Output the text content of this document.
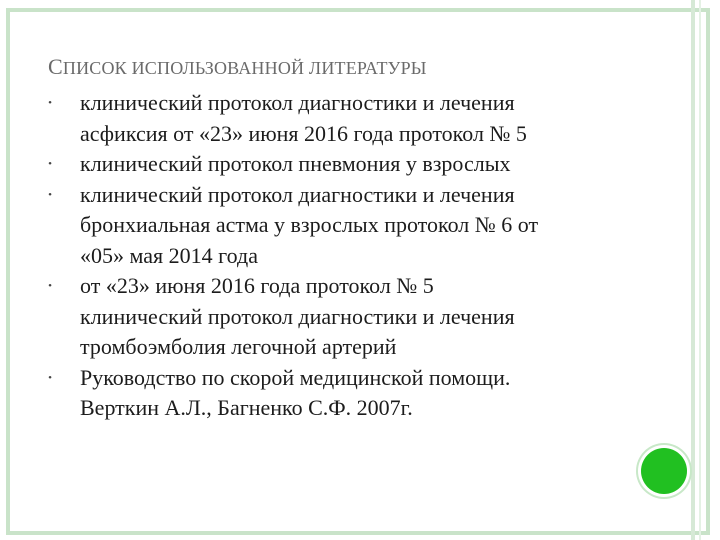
СПИСОК ИСПОЛЬЗОВАННОЙ ЛИТЕРАТУРЫ
• клинический протокол диагностики и лечения
асфиксия от «23» июня 2016 года протокол № 5
• клинический протокол пневмония у взрослых
• клинический протокол диагностики и лечения
бронхиальная астма у взрослых протокол № 6 от
«05» мая 2014 года
• от «23» июня 2016 года протокол № 5
клинический протокол диагностики и лечения
тромбоэмболия легочной артерий
• Руководство по скорой медицинской помощи.
Верткин А.Л., Багненко С.Ф. 2007г.
